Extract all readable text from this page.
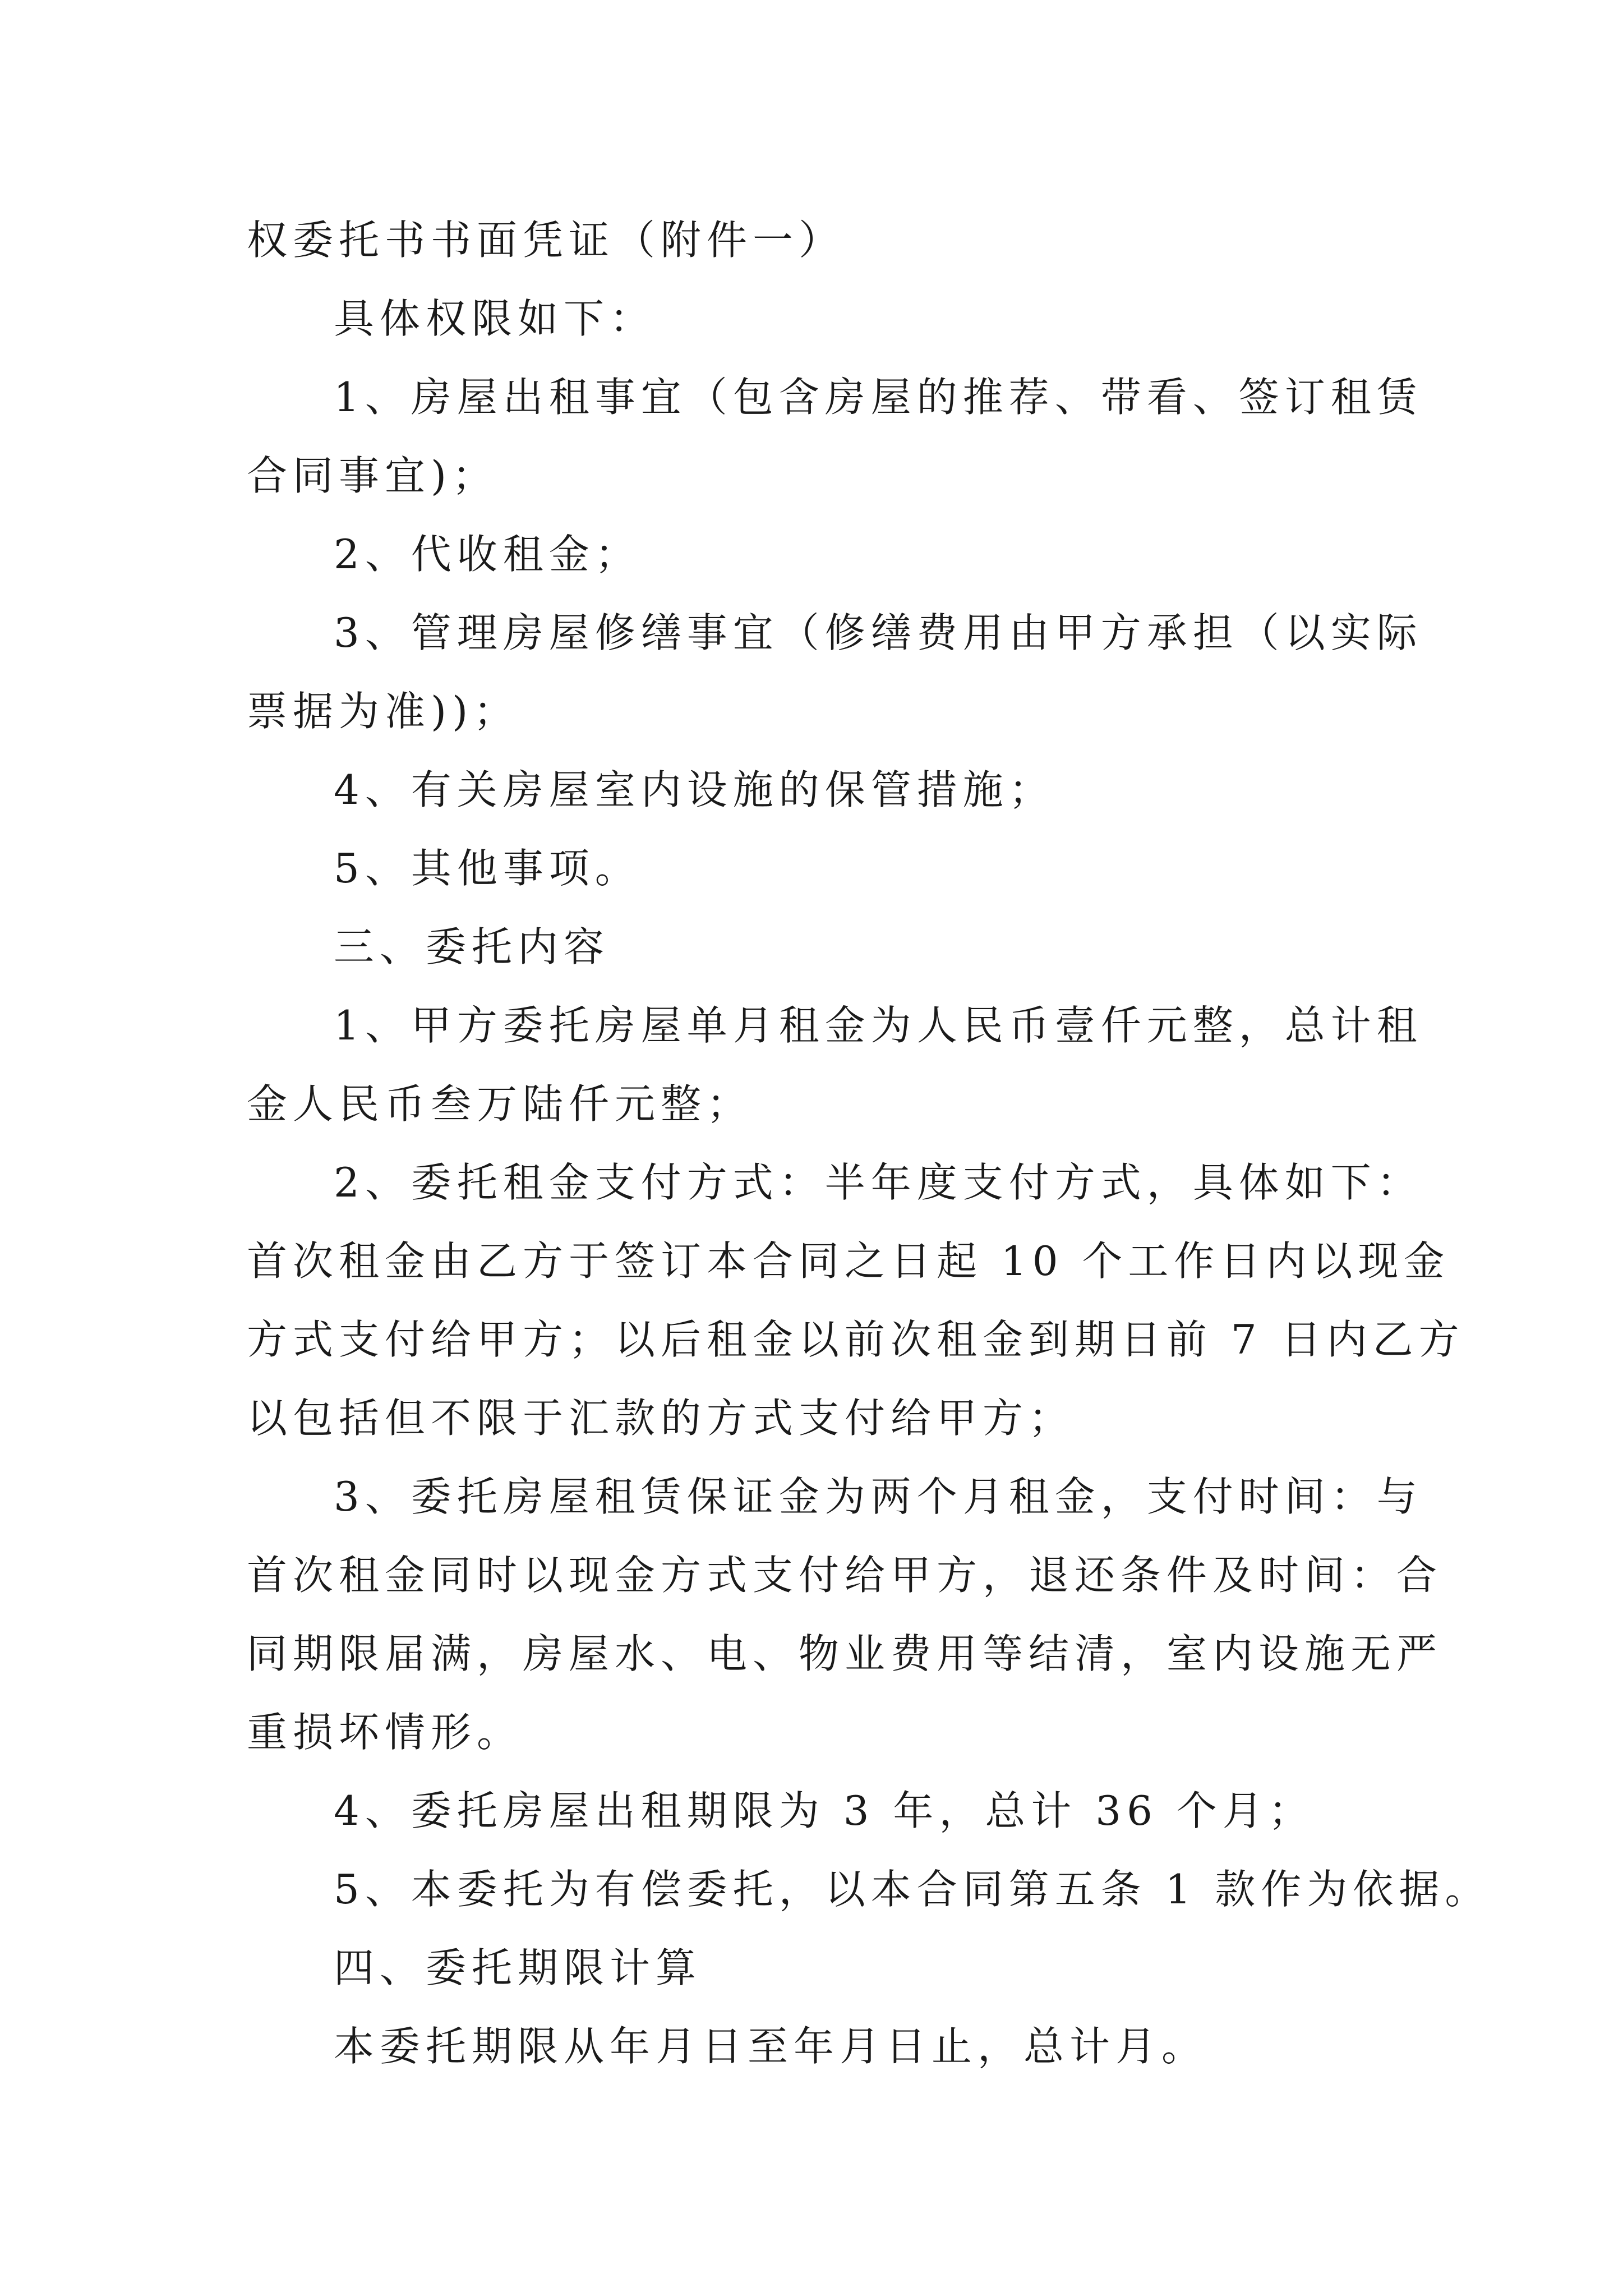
权委托书书面凭证（附件一）
具体权限如下：
1、房屋出租事宜（包含房屋的推荐、带看、签订租赁
合同事宜)；
2、代收租金；
3、管理房屋修缮事宜（修缮费用由甲方承担（以实际
票据为准))；
4、有关房屋室内设施的保管措施；
5、其他事项。
三、委托内容
1、甲方委托房屋单月租金为人民币壹仟元整，总计租
金人民币叁万陆仟元整；
2、委托租金支付方式：半年度支付方式，具体如下：
首次租金由乙方于签订本合同之日起 10 个工作日内以现金
方式支付给甲方；以后租金以前次租金到期日前 7 日内乙方
以包括但不限于汇款的方式支付给甲方；
3、委托房屋租赁保证金为两个月租金，支付时间：与
首次租金同时以现金方式支付给甲方，退还条件及时间：合
同期限届满，房屋水、电、物业费用等结清，室内设施无严
重损坏情形。
4、委托房屋出租期限为 3 年，总计 36 个月；
5、本委托为有偿委托，以本合同第五条 1 款作为依据。
四、委托期限计算
本委托期限从年月日至年月日止，总计月。
